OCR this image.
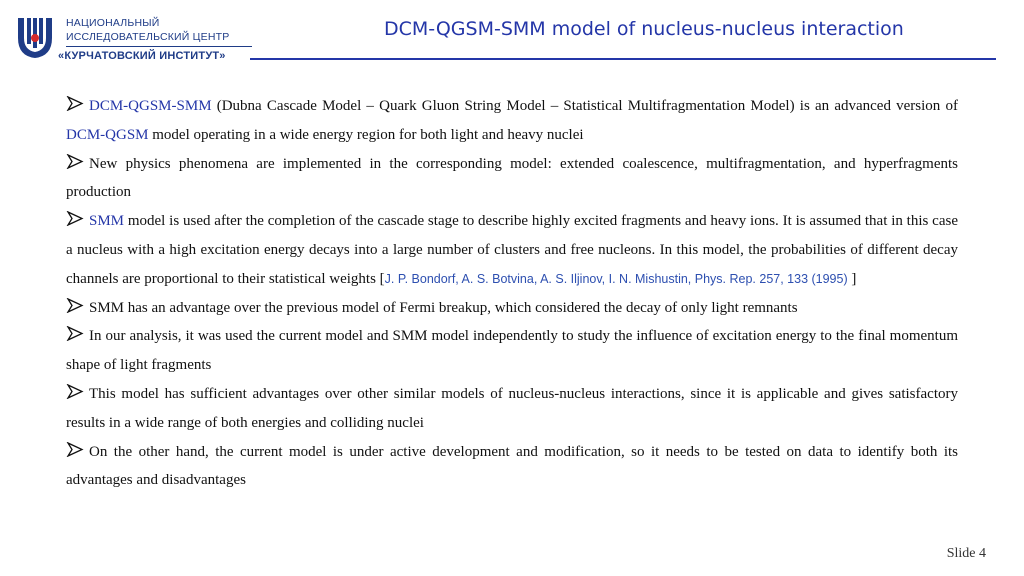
НАЦИОНАЛЬНЫЙ
ИССЛЕДОВАТЕЛЬСКИЙ ЦЕНТР
«КУРЧАТОВСКИЙ ИНСТИТУТ»
DCM-QGSM-SMM model of nucleus-nucleus interaction

DCM-QGSM-SMM (Dubna Cascade Model – Quark Gluon String Model – Statistical Multifragmentation Model) is an advanced version of DCM-QGSM model operating in a wide energy region for both light and heavy nuclei

New physics phenomena are implemented in the corresponding model: extended coalescence, multifragmentation, and hyperfragments production

SMM model is used after the completion of the cascade stage to describe highly excited fragments and heavy ions. It is assumed that in this case a nucleus with a high excitation energy decays into a large number of clusters and free nucleons. In this model, the probabilities of different decay channels are proportional to their statistical weights [J. P. Bondorf, A. S. Botvina, A. S. Iljinov, I. N. Mishustin, Phys. Rep. 257, 133 (1995) ]

SMM has an advantage over the previous model of Fermi breakup, which considered the decay of only light remnants

In our analysis, it was used the current model and SMM model independently to study the influence of excitation energy to the final momentum shape of light fragments

This model has sufficient advantages over other similar models of nucleus-nucleus interactions, since it is applicable and gives satisfactory results in a wide range of both energies and colliding nuclei

On the other hand, the current model is under active development and modification, so it needs to be tested on data to identify both its advantages and disadvantages

Slide 4
